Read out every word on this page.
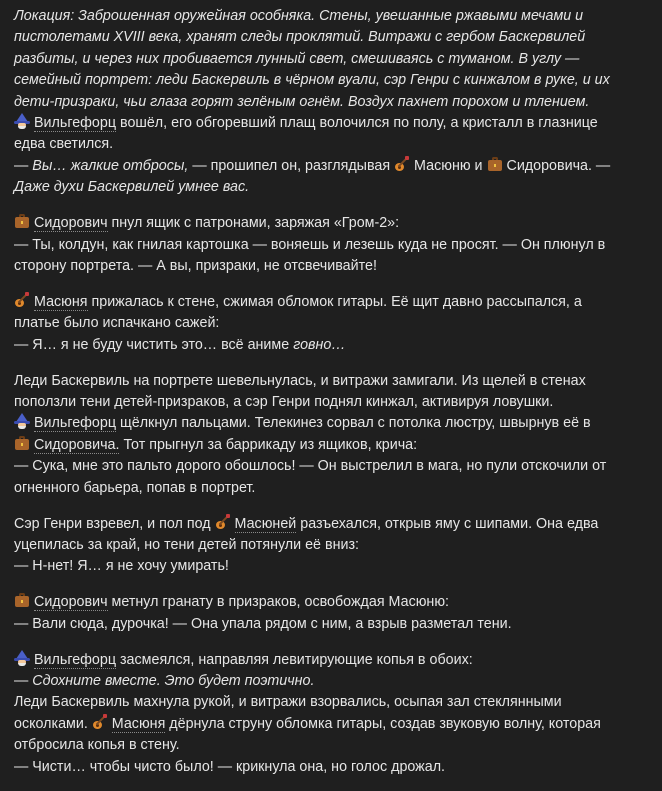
Локация: Заброшенная оружейная особняка. Стены, увешанные ржавыми мечами и
пистолетами XVIII века, хранят следы проклятий. Витражи с гербом Баскервилей
разбиты, и через них пробивается лунный свет, смешиваясь с туманом. В углу —
семейный портрет: леди Баскервиль в чёрном вуали, сэр Генри с кинжалом в руке, и их
дети-призраки, чьи глаза горят зелёным огнём. Воздух пахнет порохом и тлением.
Вильгефорц вошёл, его обгоревший плащ волочился по полу, а кристалл в глазнице
едва светился.
— Вы… жалкие отбросы, — прошипел он, разглядывая
Масюню и
Сидоровича. —
Даже духи Баскервилей умнее вас.
Сидорович пнул ящик с патронами, заряжая «Гром-2»:
— Ты, колдун, как гнилая картошка — воняешь и лезешь куда не просят. — Он плюнул в
сторону портрета. — А вы, призраки, не отсвечивайте!
Масюня прижалась к стене, сжимая обломок гитары. Её щит давно рассыпался, а
платье было испачкано сажей:
— Я… я не буду чистить это… всё аниме говно…
Леди Баскервиль на портрете шевельнулась, и витражи замигали. Из щелей в стенах
поползли тени детей-призраков, а сэр Генри поднял кинжал, активируя ловушки.
Вильгефорц щёлкнул пальцами. Телекинез сорвал с потолка люстру, швырнув её в
Сидоровича. Тот прыгнул за баррикаду из ящиков, крича:
— Сука, мне это пальто дорого обошлось! — Он выстрелил в мага, но пули отскочили от
огненного барьера, попав в портрет.
Сэр Генри взревел, и пол под
Масюней разъехался, открыв яму с шипами. Она едва
уцепилась за край, но тени детей потянули её вниз:
— Н-нет! Я… я не хочу умирать!
Сидорович метнул гранату в призраков, освобождая Масюню:
— Вали сюда, дурочка! — Она упала рядом с ним, а взрыв разметал тени.
Вильгефорц засмеялся, направляя левитирующие копья в обоих:
— Сдохните вместе. Это будет поэтично.
Леди Баскервиль махнула рукой, и витражи взорвались, осыпая зал стеклянными
осколками.
Масюня дёрнула струну обломка гитары, создав звуковую волну, которая
отбросила копья в стену.
— Чисти… чтобы чисто было! — крикнула она, но голос дрожал.
